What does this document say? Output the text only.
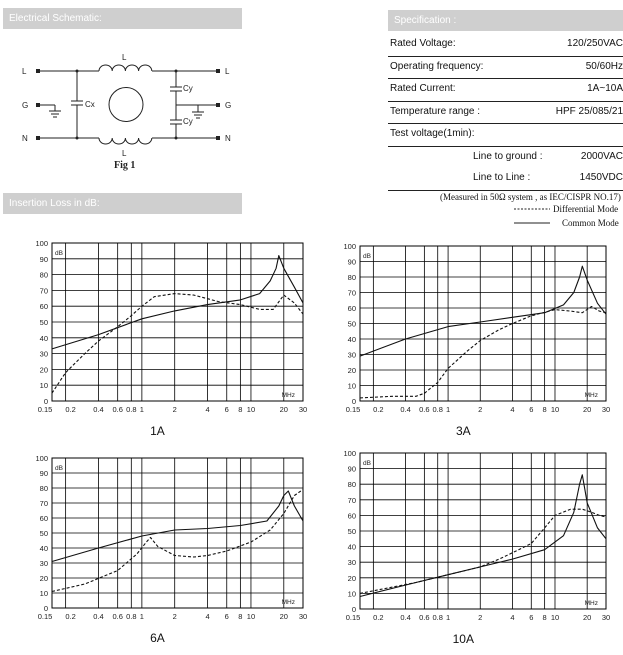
Electrical Schematic:	Specification :
Insertion Loss in dB:
L
G
N
L
G
N
L
L
Cx
Cy
Cy
Fig 1
Rated Voltage:	120/250VAC
Operating frequency:	50/60Hz
Rated Current:	1A~10A
Temperature range :	HPF 25/085/21
Test voltage(1min):
Line to ground :	2000VAC
Line to Line :	1450VDC
(Measured in 50Ω system , as IEC/CISPR NO.17)
Differential Mode
Common Mode
0.15 0.2 0.4 0.6 0.8 1	2	4 6 8 10	20 30
0
10
20
30
40
50
60
70
80
90
100
dB
MHz
1A
0.15 0.2 0.4 0.6 0.8 1	2	4 6 8 10	20 30
0
10
20
30
40
50
60
70
80
90
100
dB
MHz
3A
0.15 0.2 0.4 0.6 0.8 1	2	4 6 8 10	20 30
0
10
20
30
40
50
60
70
80
90
100
dB
MHz
6A
0.15 0.2 0.4 0.6 0.8 1	2	4 6 8 10	20 30
0
10
20
30
40
50
60
70
80
90
100
dB
MHz
10A
